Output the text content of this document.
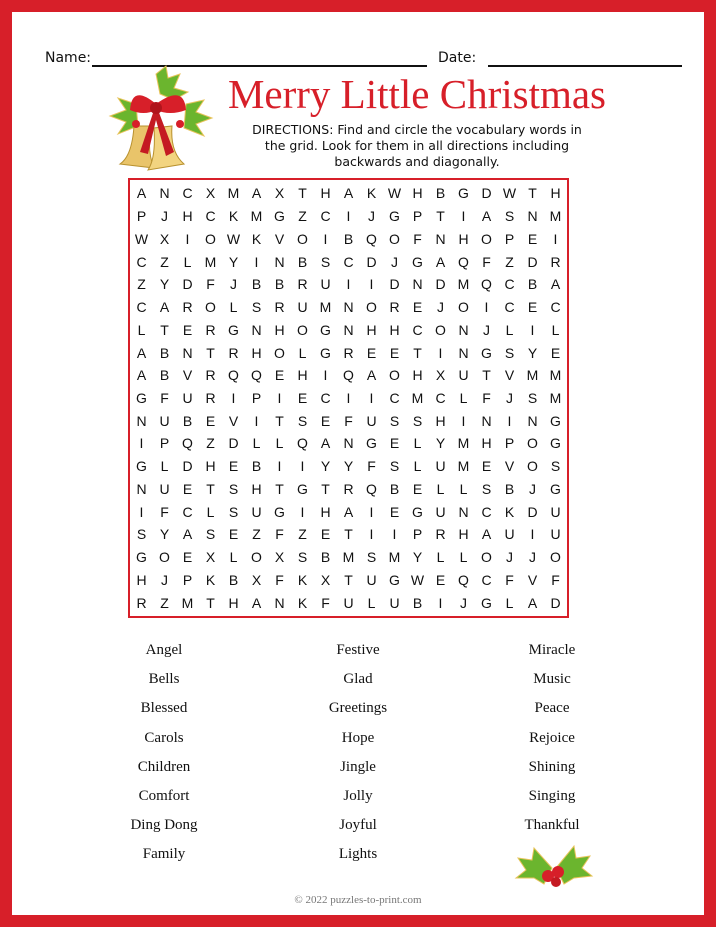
Name:	Date:
Merry Little Christmas
DIRECTIONS: Find and circle the vocabulary words in the grid. Look for them in all directions including backwards and diagonally.
A N C X M A X	T H A K W H B G D W T H
P	J	H C K M G Z C	I	J	G P	T	I	A S N M
W X	I	O W K V O	I	B Q O F N H O P E	I
C Z	L M Y	I	N B S C D	J	G A Q F	Z D R
Z	Y D F	J	B B R U	I	I	D N D M Q C B A
C A R O L	S R U M N O R E	J	O	I	C E C
L	T	E R G N H O G N H H C O N	J	L	I	L
A B N T R H O L G R E E	T	I	N G S Y E
A B V R Q Q E H	I	Q A O H X U T	V M M
G F U R	I	P	I	E C	I	I	C M C	L	F	J	S M
N U B E V	I	T	S E	F U S S H	I	N	I	N G
I	P Q Z D	L	L Q A N G E	L	Y M H P O G
G L	D H E B	I	I	Y Y	F	S	L	U M E V O S
N U E	T	S H T G T R Q B E	L	L	S B	J	G
I	F C	L	S U G	I	H A	I	E G U N C K D U
S Y A S E	Z	F	Z	E	T	I	I	P R H A U	I	U
G O E X	L O X S B M S M Y	L	L O	J	J	O
H	J	P K B X	F	K X	T U G W E Q C F	V	F
R Z M T H A N K	F U	L	U B	I	J	G L	A D
Angel
Bells
Blessed
Carols
Children
Comfort
Ding Dong
Family
Festive
Glad
Greetings
Hope
Jingle
Jolly
Joyful
Lights
Miracle
Music
Peace
Rejoice
Shining
Singing
Thankful
© 2022 puzzles-to-print.com
